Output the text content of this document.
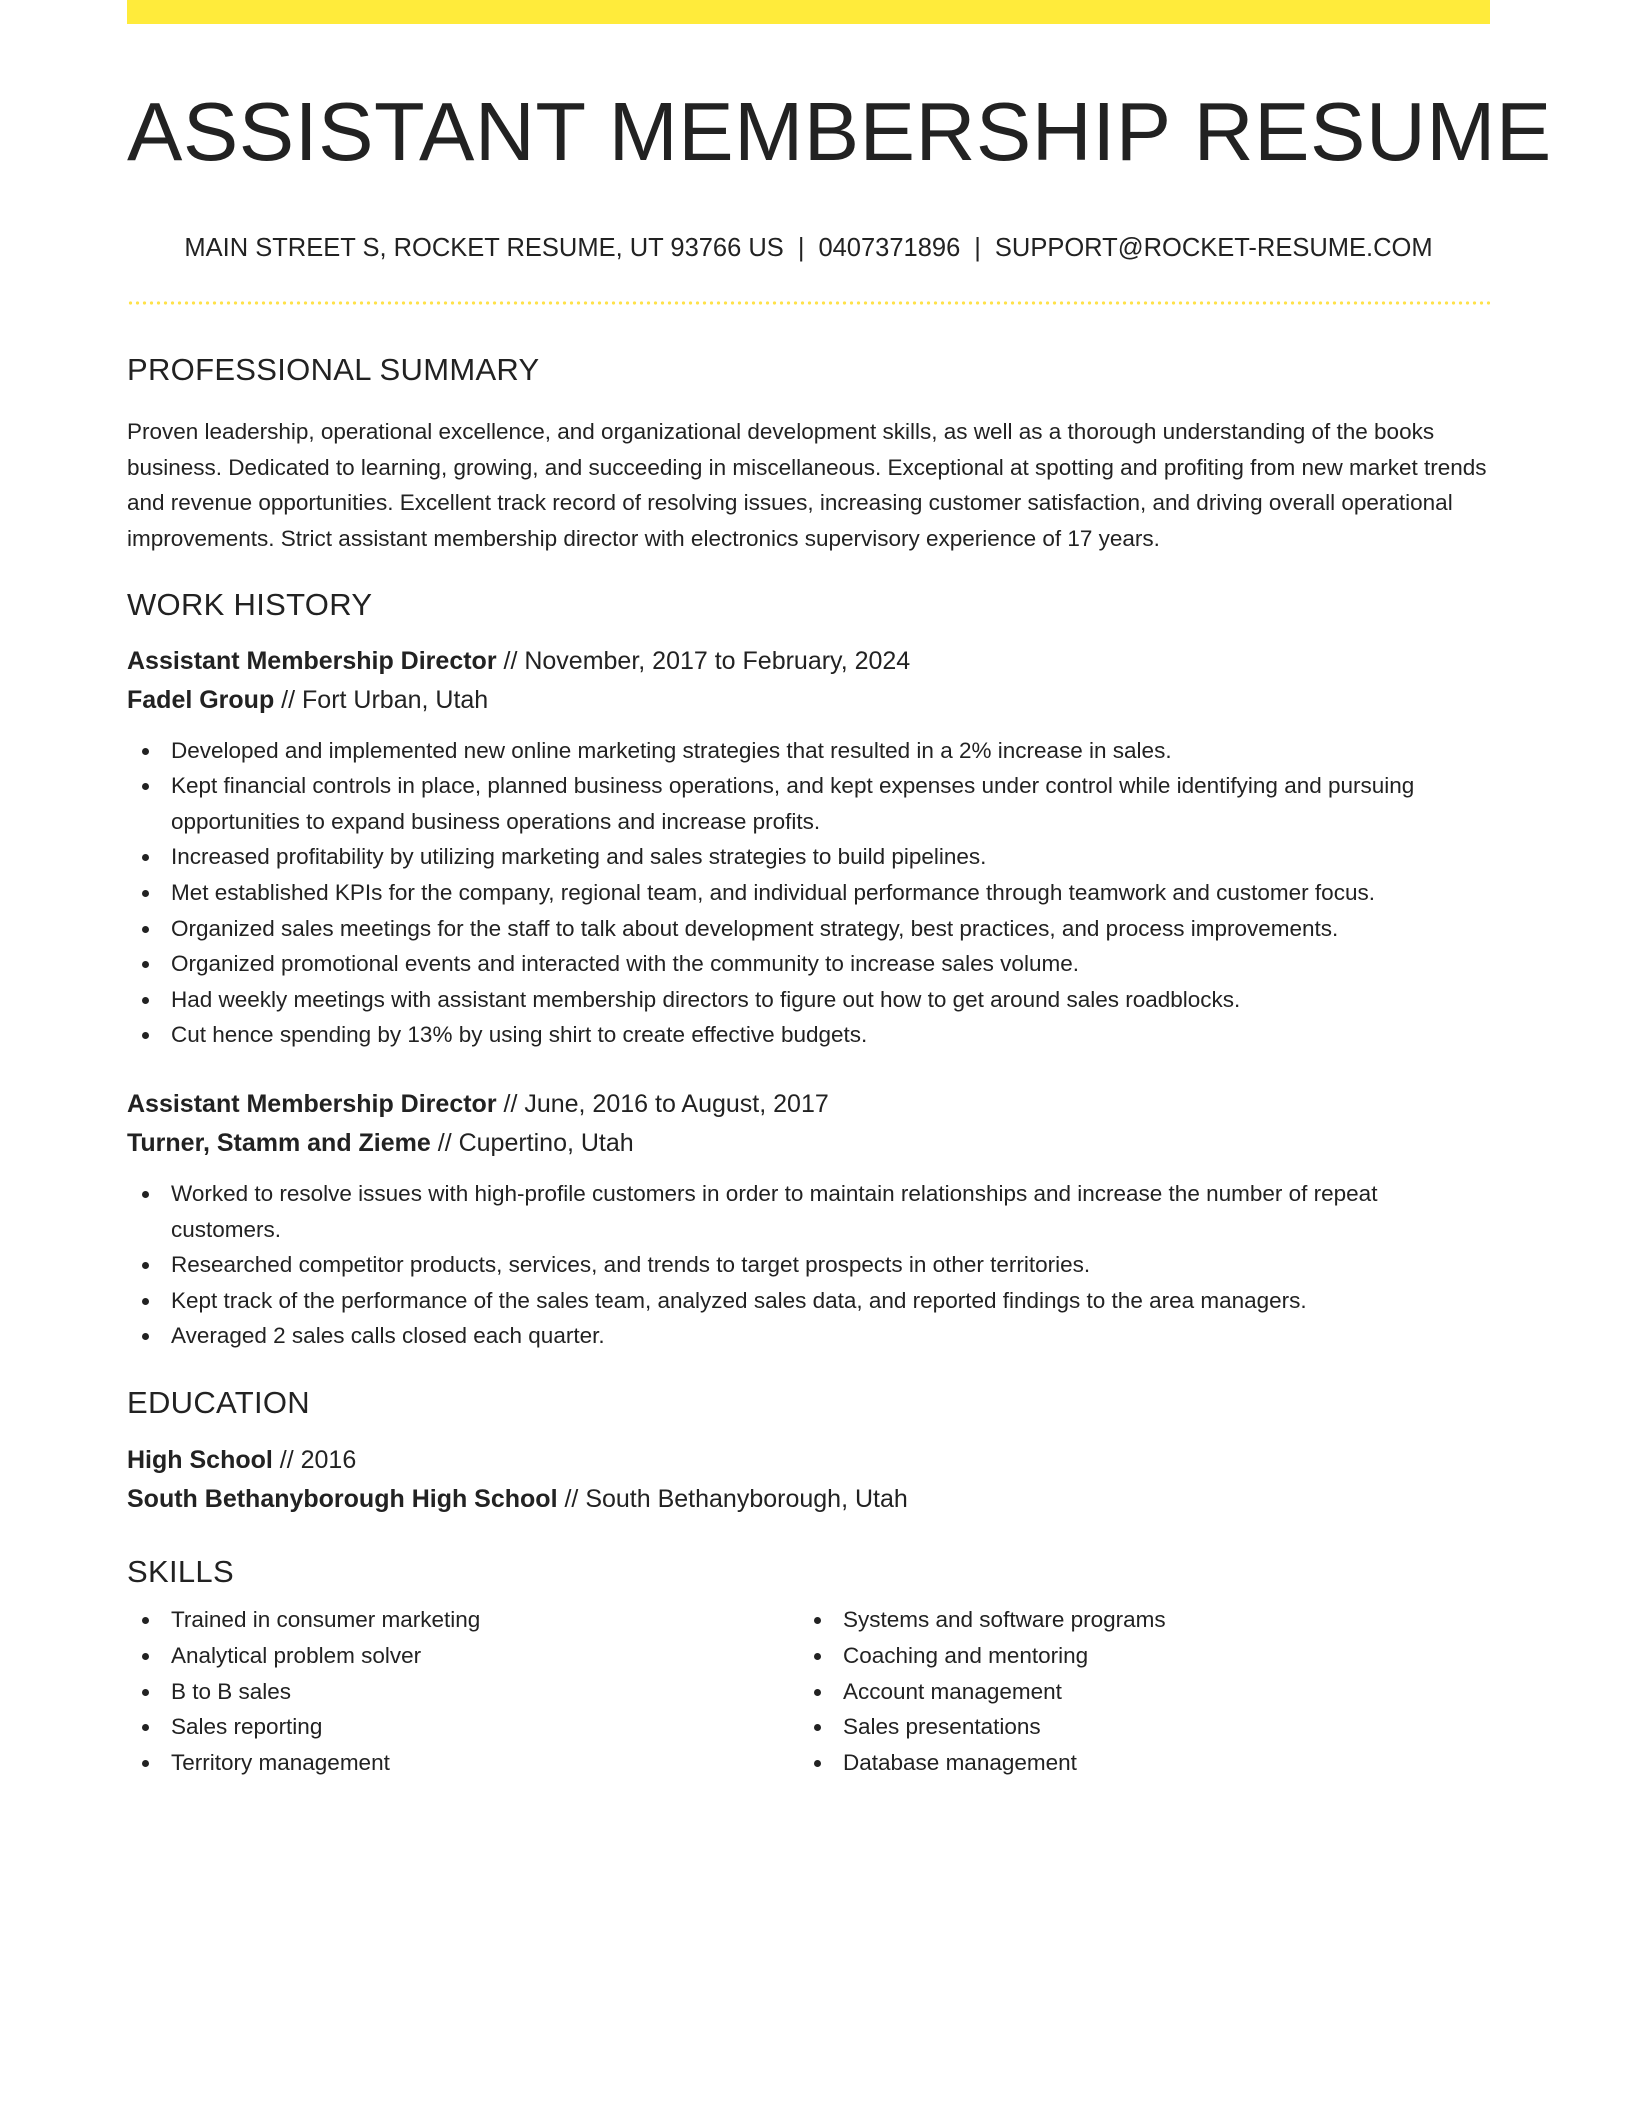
ASSISTANT MEMBERSHIP RESUME
MAIN STREET S, ROCKET RESUME, UT 93766 US | 0407371896 | SUPPORT@ROCKET-RESUME.COM
PROFESSIONAL SUMMARY

Proven leadership, operational excellence, and organizational development skills, as well as a thorough understanding of the books business. Dedicated to learning, growing, and succeeding in miscellaneous. Exceptional at spotting and profiting from new market trends and revenue opportunities. Excellent track record of resolving issues, increasing customer satisfaction, and driving overall operational improvements. Strict assistant membership director with electronics supervisory experience of 17 years.

WORK HISTORY
Assistant Membership Director // November, 2017 to February, 2024
Fadel Group // Fort Urban, Utah
Developed and implemented new online marketing strategies that resulted in a 2% increase in sales.
Kept financial controls in place, planned business operations, and kept expenses under control while identifying and pursuing opportunities to expand business operations and increase profits.
Increased profitability by utilizing marketing and sales strategies to build pipelines.
Met established KPIs for the company, regional team, and individual performance through teamwork and customer focus.
Organized sales meetings for the staff to talk about development strategy, best practices, and process improvements.
Organized promotional events and interacted with the community to increase sales volume.
Had weekly meetings with assistant membership directors to figure out how to get around sales roadblocks.
Cut hence spending by 13% by using shirt to create effective budgets.
Assistant Membership Director // June, 2016 to August, 2017
Turner, Stamm and Zieme // Cupertino, Utah
Worked to resolve issues with high-profile customers in order to maintain relationships and increase the number of repeat customers.
Researched competitor products, services, and trends to target prospects in other territories.
Kept track of the performance of the sales team, analyzed sales data, and reported findings to the area managers.
Averaged 2 sales calls closed each quarter.
EDUCATION
High School // 2016
South Bethanyborough High School // South Bethanyborough, Utah
SKILLS
Trained in consumer marketing
Analytical problem solver
B to B sales
Sales reporting
Territory management
Systems and software programs
Coaching and mentoring
Account management
Sales presentations
Database management
